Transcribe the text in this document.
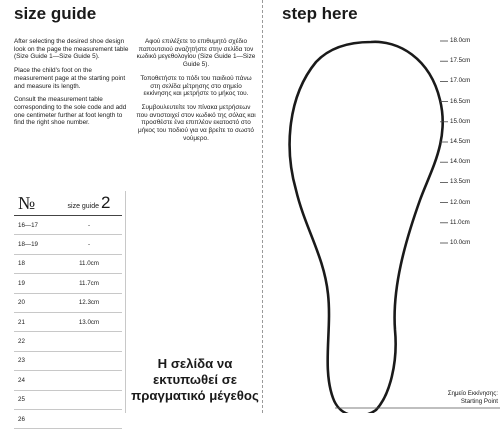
size guide

After selecting the desired shoe design look on the page the measurement table (Size Guide 1—Size Guide 5).

Place the child's foot on the measurement page at the starting point and measure its length.

Consult the measurement table corresponding to the sole code and add one centimeter further at foot length to find the right shoe number.

Αφού επιλέξετε το επιθυμητό σχέδιο παπουτσιού αναζητήστε στην σελίδα τον κωδικό μεγεθολογίου (Size Guide 1—Size Guide 5).

Τοποθετήστε το πόδι του παιδιού πάνω στη σελίδα μέτρησης στο σημείο εκκίνησης και μετρήστε το μήκος του.

Συμβουλευτείτε τον πίνακα μετρήσεων που αντιστοιχεί στον κωδικό της σόλας και προσθέστε ένα επιπλέον εκατοστό στο μήκος του ποδιού για να βρείτε το σωστό νούμερο.

№	size guide 2
16—17	-
18—19	-
18	11.0cm
19	11.7cm
20	12.3cm
21	13.0cm
22	
23	
24	
25	
26	
Η σελίδα να
εκτυπωθεί σε
πραγματικό μέγεθος
step here
18.0cm
17.5cm
17.0cm
16.5cm
15.0cm
14.5cm
14.0cm
13.5cm
12.0cm
11.0cm
10.0cm
Σημείο Εκκίνησης:
Starting Point
